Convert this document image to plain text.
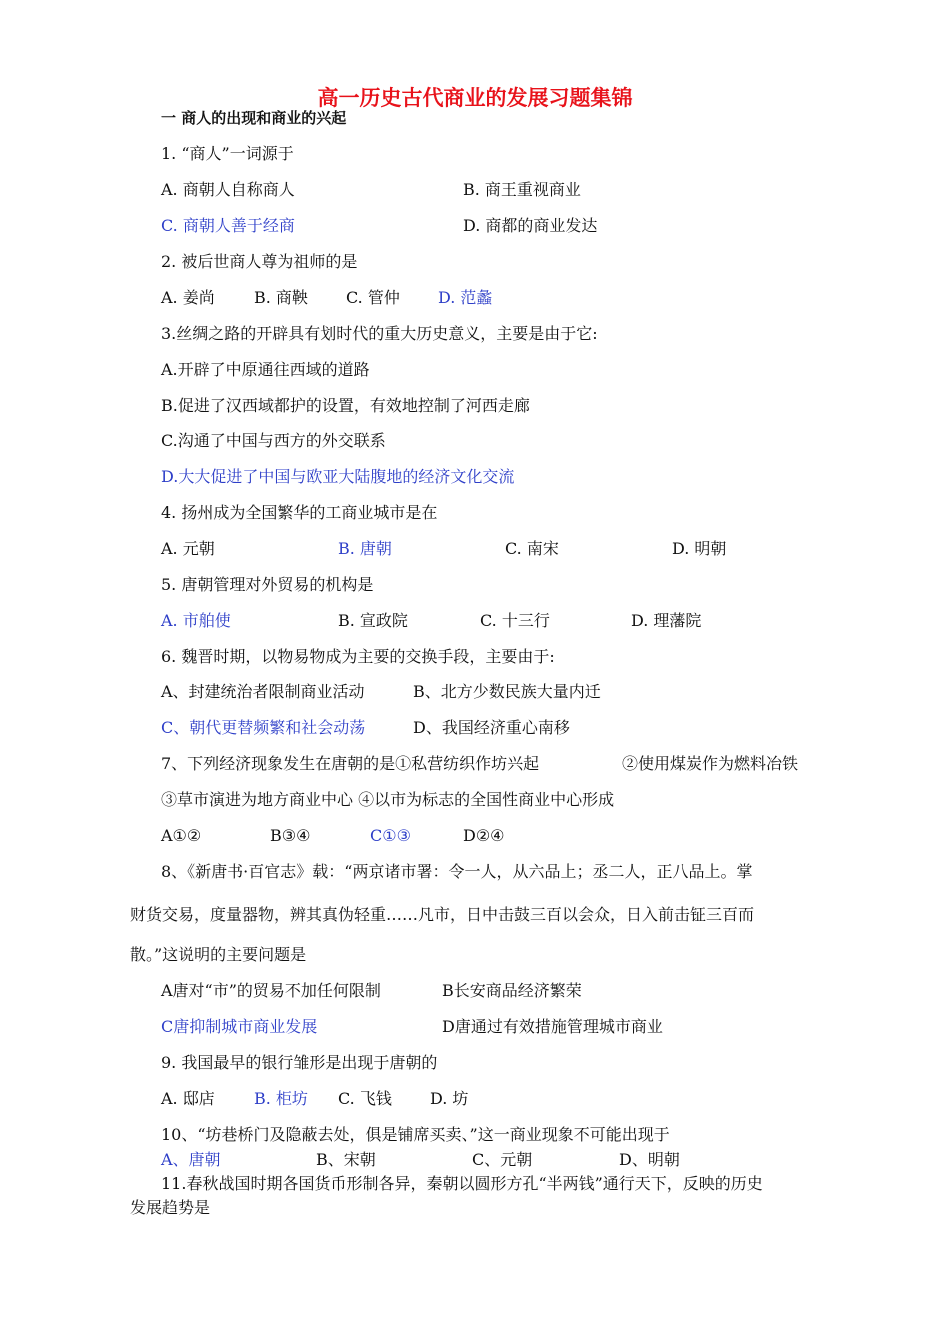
高一历史古代商业的发展习题集锦
一 商人的出现和商业的兴起
1. “商人”一词源于
A. 商朝人自称商人	B. 商王重视商业
C. 商朝人善于经商	D. 商都的商业发达
2. 被后世商人尊为祖师的是
A. 姜尚 B. 商鞅 C. 管仲 D. 范蠡
3.丝绸之路的开辟具有划时代的重大历史意义，主要是由于它:
A.开辟了中原通往西域的道路
B.促进了汉西域都护的设置，有效地控制了河西走廊
C.沟通了中国与西方的外交联系
D.大大促进了中国与欧亚大陆腹地的经济文化交流
4. 扬州成为全国繁华的工商业城市是在
A. 元朝	B. 唐朝	C. 南宋	D. 明朝
5. 唐朝管理对外贸易的机构是
A. 市舶使	B. 宣政院	C. 十三行	D. 理藩院
6. 魏晋时期，以物易物成为主要的交换手段，主要由于:
A、封建统治者限制商业活动	B、北方少数民族大量内迁
C、朝代更替频繁和社会动荡	D、我国经济重心南移
7、下列经济现象发生在唐朝的是①私营纺织作坊兴起	②使用煤炭作为燃料冶铁
③草市演进为地方商业中心 ④以市为标志的全国性商业中心形成
A①②	B③④	C①③	D②④
8、《新唐书·百官志》载：“两京诸市署：令一人，从六品上；丞二人，正八品上。掌
财货交易，度量器物，辨其真伪轻重……凡市，日中击鼓三百以会众，日入前击钲三百而
散。”这说明的主要问题是
A唐对“市”的贸易不加任何限制	B长安商品经济繁荣
C唐抑制城市商业发展	D唐通过有效措施管理城市商业
9. 我国最早的银行雏形是出现于唐朝的
A. 邸店 B. 柜坊 C. 飞钱 D. 坊
10、“坊巷桥门及隐蔽去处，俱是铺席买卖、”这一商业现象不可能出现于
A、唐朝	B、宋朝	C、元朝	D、明朝
11.春秋战国时期各国货币形制各异，秦朝以圆形方孔“半两钱”通行天下，反映的历史
发展趋势是
